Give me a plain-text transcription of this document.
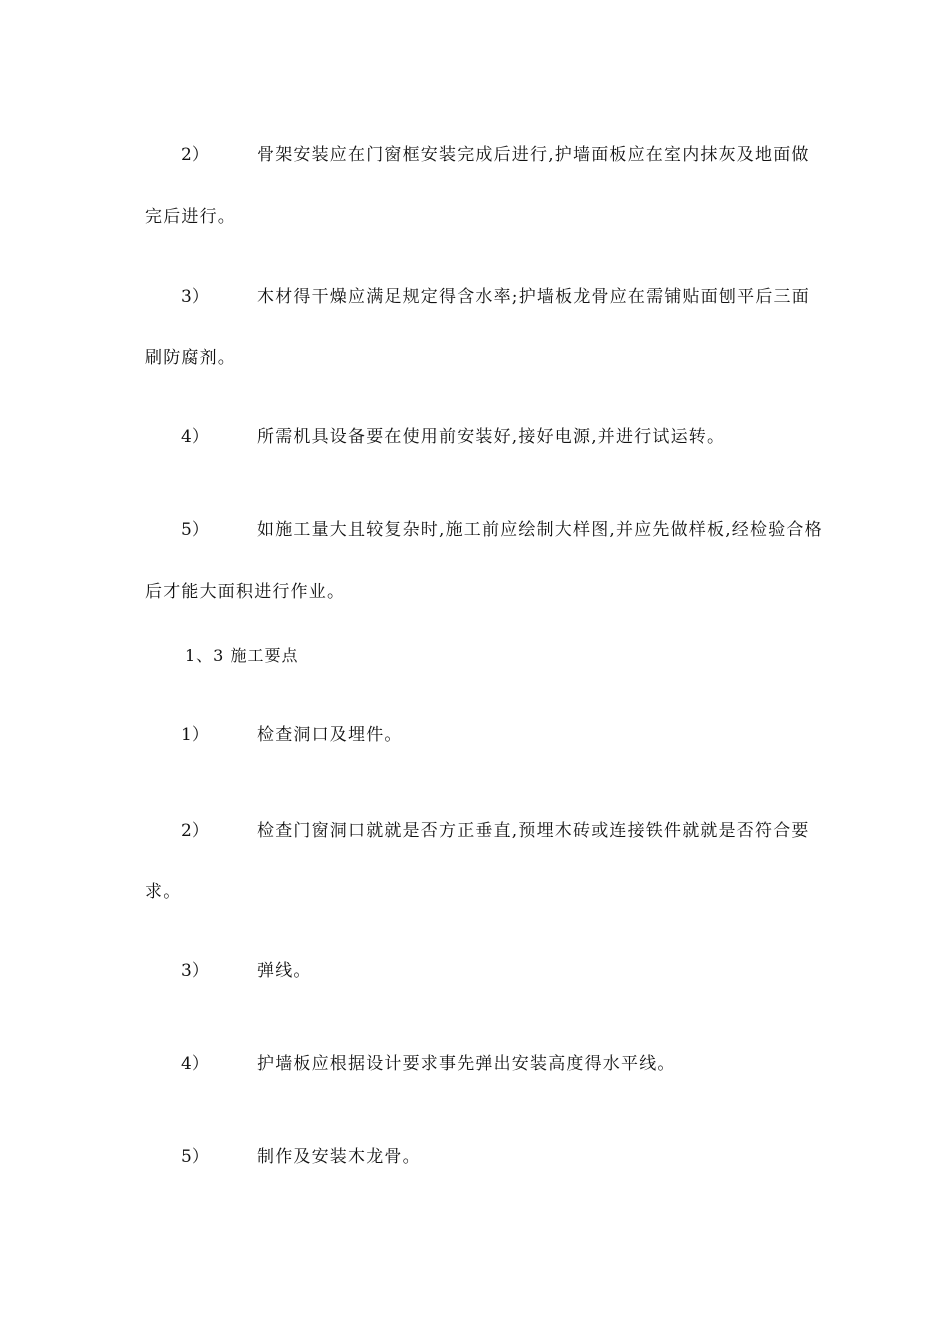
2）	骨架安装应在门窗框安装完成后进行,护墙面板应在室内抹灰及地面做
完后进行。
3）	木材得干燥应满足规定得含水率;护墙板龙骨应在需铺贴面刨平后三面
刷防腐剂。
4）	所需机具设备要在使用前安装好,接好电源,并进行试运转。
5）	如施工量大且较复杂时,施工前应绘制大样图,并应先做样板,经检验合格
后才能大面积进行作业。
1、3 施工要点
1）	检查洞口及埋件。
2）	检查门窗洞口就就是否方正垂直,预埋木砖或连接铁件就就是否符合要
求。
3）	弹线。
4）	护墙板应根据设计要求事先弹出安装高度得水平线。
5）	制作及安装木龙骨。
